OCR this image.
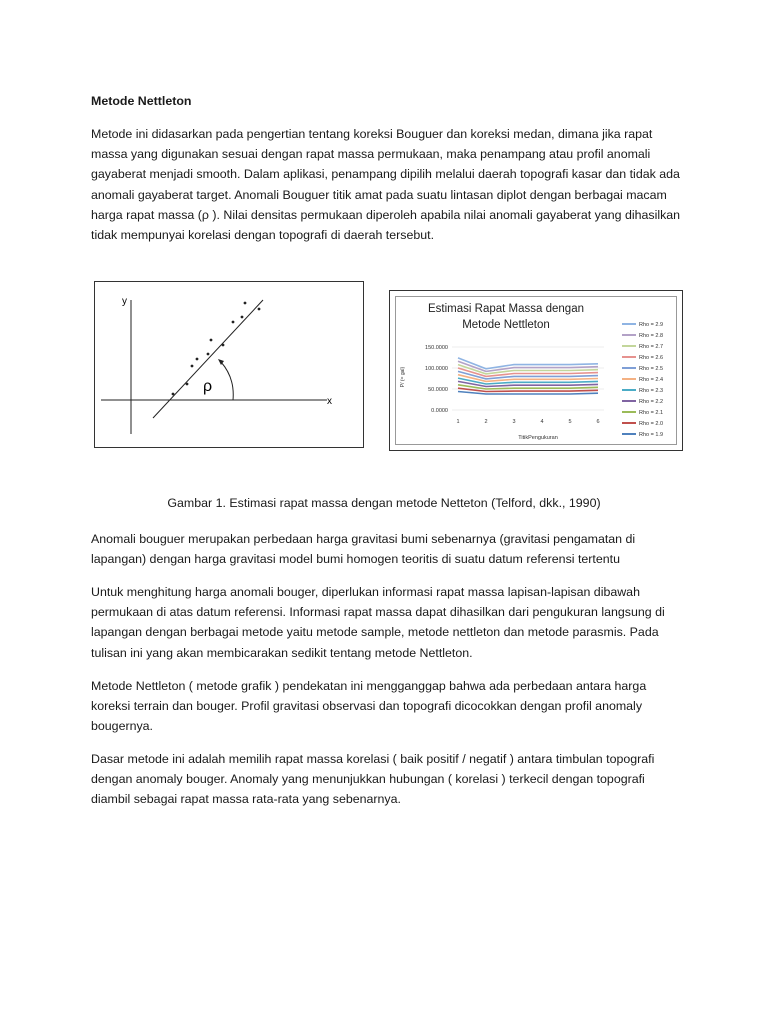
Metode Nettleton

Metode ini didasarkan pada pengertian tentang koreksi Bouguer dan koreksi medan, dimana jika rapat massa yang digunakan sesuai dengan rapat massa permukaan, maka penampang atau profil anomali gayaberat menjadi smooth. Dalam aplikasi, penampang dipilih melalui daerah topografi kasar dan tidak ada anomali gayaberat target. Anomali Bouguer titik amat pada suatu lintasan diplot dengan berbagai macam harga rapat massa (ρ ). Nilai densitas permukaan diperoleh apabila nilai anomali gayaberat yang dihasilkan tidak mempunyai korelasi dengan topografi di daerah tersebut.

x
y
ρ
Estimasi Rapat Massa dengan
Metode Nettleton
P/ (= gal)
TitikPengukuran
150.0000
100.0000
50.0000
0.0000
1	2	3	4	5	6
Rho = 2.9
Rho = 2.8
Rho = 2.7
Rho = 2.6
Rho = 2.5
Rho = 2.4
Rho = 2.3
Rho = 2.2
Rho = 2.1
Rho = 2.0
Rho = 1.9

Gambar 1. Estimasi rapat massa dengan metode Netteton (Telford, dkk., 1990)

Anomali bouguer merupakan perbedaan harga gravitasi bumi sebenarnya (gravitasi pengamatan di lapangan) dengan harga gravitasi model bumi homogen teoritis di suatu datum referensi tertentu

Untuk menghitung harga anomali bouger, diperlukan informasi rapat massa lapisan-lapisan dibawah permukaan di atas datum referensi. Informasi rapat massa dapat dihasilkan dari pengukuran langsung di lapangan dengan berbagai metode yaitu metode sample, metode nettleton dan metode parasmis. Pada tulisan ini yang akan membicarakan sedikit tentang metode Nettleton.

Metode Nettleton ( metode grafik ) pendekatan ini mengganggap bahwa ada perbedaan antara harga koreksi terrain dan bouger. Profil gravitasi observasi dan topografi dicocokkan dengan profil anomaly bougernya.

Dasar metode ini adalah memilih rapat massa korelasi ( baik positif / negatif ) antara timbulan topografi dengan anomaly bouger. Anomaly yang menunjukkan hubungan ( korelasi ) terkecil dengan topografi diambil sebagai rapat massa rata-rata yang sebenarnya.
